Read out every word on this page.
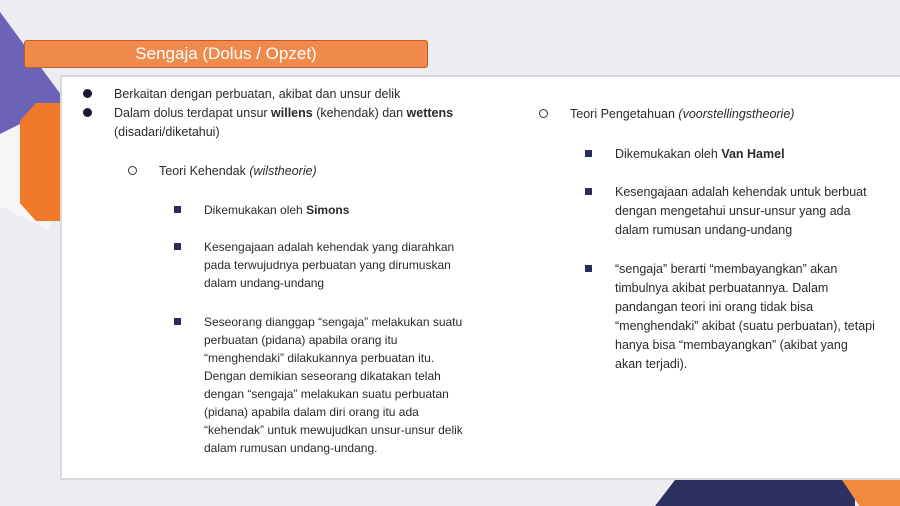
Sengaja (Dolus / Opzet)
Berkaitan dengan perbuatan, akibat dan unsur delik
Dalam dolus terdapat unsur willens (kehendak) dan wettens
(disadari/diketahui)
Teori Kehendak (wilstheorie)
Dikemukakan oleh Simons
Kesengajaan adalah kehendak yang diarahkan
pada terwujudnya perbuatan yang dirumuskan
dalam undang-undang
Seseorang dianggap “sengaja” melakukan suatu
perbuatan (pidana) apabila orang itu
“menghendaki” dilakukannya perbuatan itu.
Dengan demikian seseorang dikatakan telah
dengan “sengaja” melakukan suatu perbuatan
(pidana) apabila dalam diri orang itu ada
“kehendak” untuk mewujudkan unsur-unsur delik
dalam rumusan undang-undang.
Teori Pengetahuan (voorstellingstheorie)
Dikemukakan oleh Van Hamel
Kesengajaan adalah kehendak untuk berbuat
dengan mengetahui unsur-unsur yang ada
dalam rumusan undang-undang
“sengaja” berarti “membayangkan” akan
timbulnya akibat perbuatannya. Dalam
pandangan teori ini orang tidak bisa
“menghendaki” akibat (suatu perbuatan), tetapi
hanya bisa “membayangkan” (akibat yang
akan terjadi).
